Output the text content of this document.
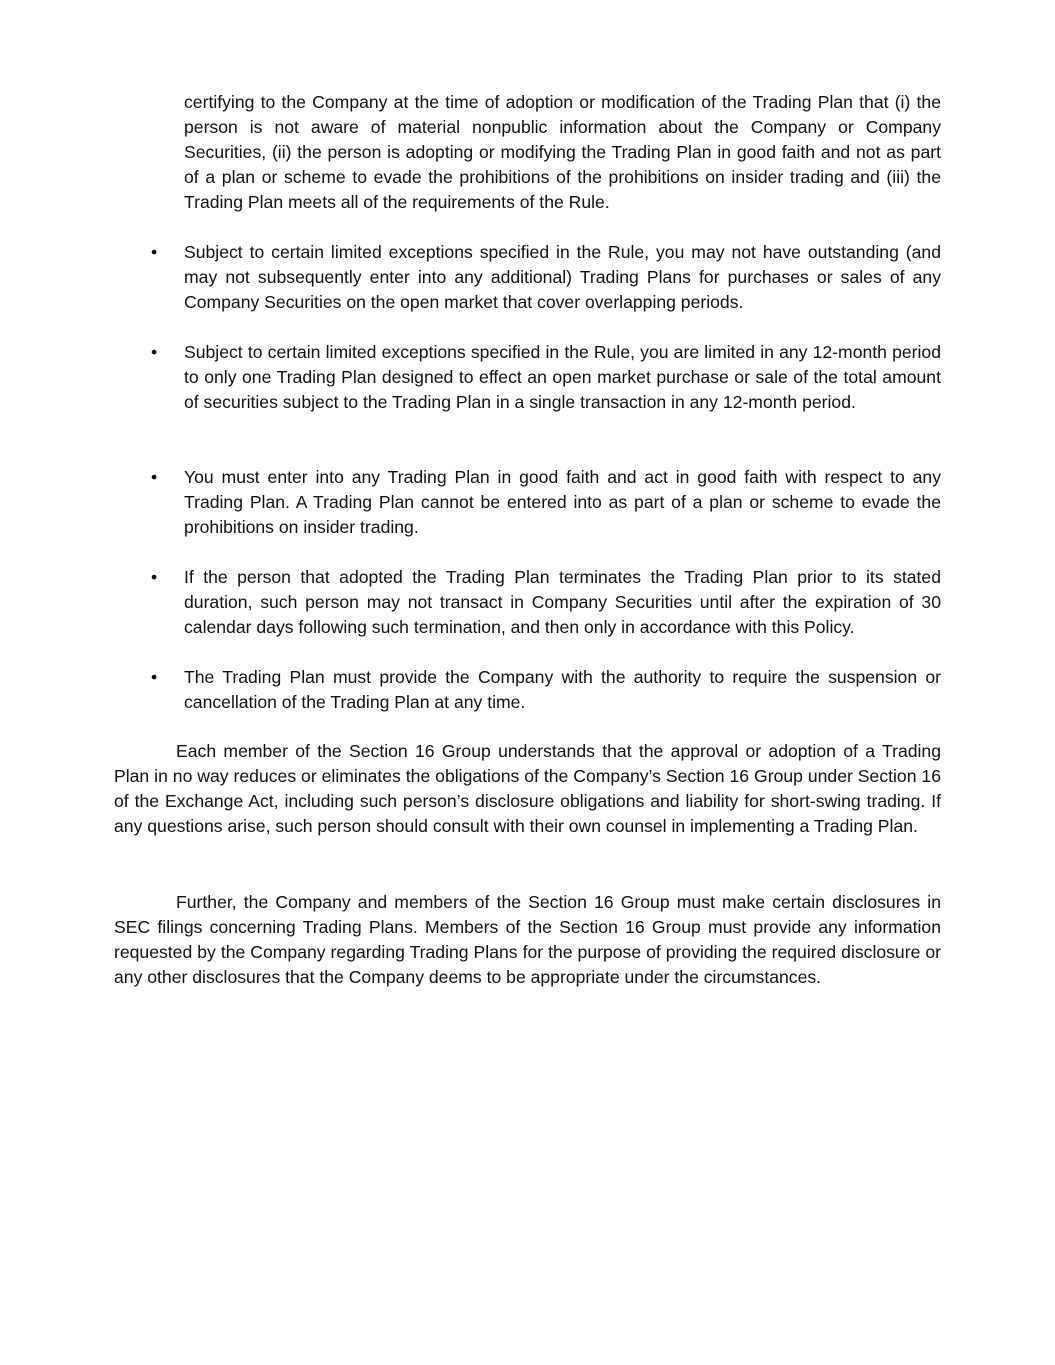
certifying to the Company at the time of adoption or modification of the Trading Plan that (i) the person is not aware of material nonpublic information about the Company or Company Securities, (ii) the person is adopting or modifying the Trading Plan in good faith and not as part of a plan or scheme to evade the prohibitions of the prohibitions on insider trading and (iii) the Trading Plan meets all of the requirements of the Rule.

•	Subject to certain limited exceptions specified in the Rule, you may not have outstanding (and may not subsequently enter into any additional) Trading Plans for purchases or sales of any Company Securities on the open market that cover overlapping periods.

•	Subject to certain limited exceptions specified in the Rule, you are limited in any 12-month period to only one Trading Plan designed to effect an open market purchase or sale of the total amount of securities subject to the Trading Plan in a single transaction in any 12-month period.

•	You must enter into any Trading Plan in good faith and act in good faith with respect to any Trading Plan. A Trading Plan cannot be entered into as part of a plan or scheme to evade the prohibitions on insider trading.

•	If the person that adopted the Trading Plan terminates the Trading Plan prior to its stated duration, such person may not transact in Company Securities until after the expiration of 30 calendar days following such termination, and then only in accordance with this Policy.

•	The Trading Plan must provide the Company with the authority to require the suspension or cancellation of the Trading Plan at any time.

Each member of the Section 16 Group understands that the approval or adoption of a Trading Plan in no way reduces or eliminates the obligations of the Company’s Section 16 Group under Section 16 of the Exchange Act, including such person’s disclosure obligations and liability for short-swing trading. If any questions arise, such person should consult with their own counsel in implementing a Trading Plan.

Further, the Company and members of the Section 16 Group must make certain disclosures in SEC filings concerning Trading Plans. Members of the Section 16 Group must provide any information requested by the Company regarding Trading Plans for the purpose of providing the required disclosure or any other disclosures that the Company deems to be appropriate under the circumstances.
